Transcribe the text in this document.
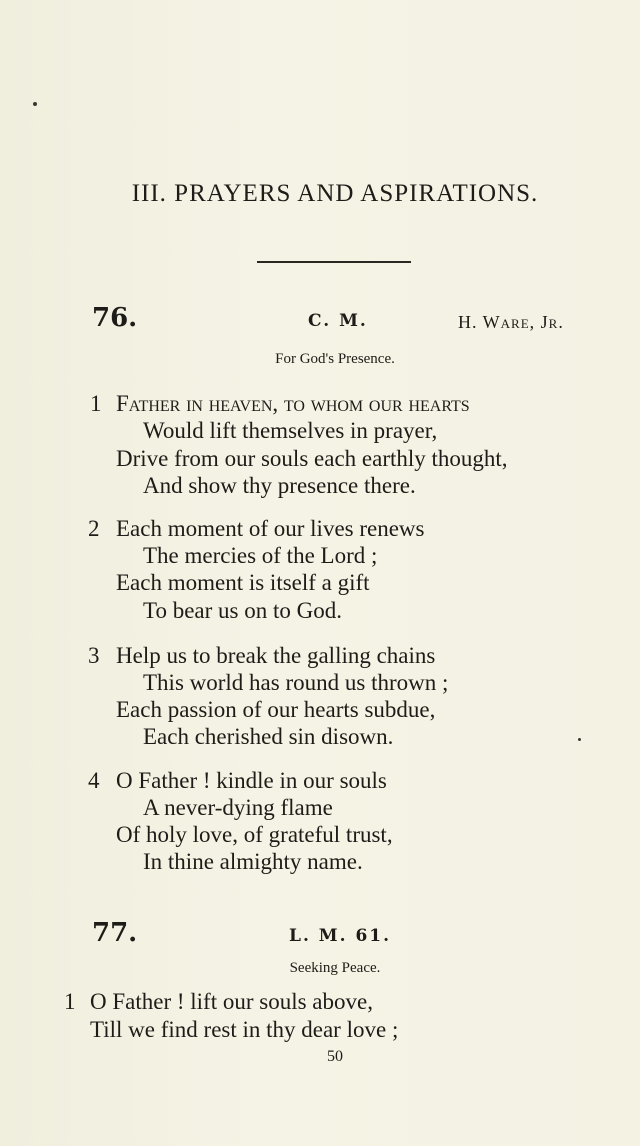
III. PRAYERS AND ASPIRATIONS.
76.	C. M.	H. Ware, Jr.
For God's Presence.
1 Father in heaven, to whom our hearts
Would lift themselves in prayer,
Drive from our souls each earthly thought,
And show thy presence there.
2 Each moment of our lives renews
The mercies of the Lord ;
Each moment is itself a gift
To bear us on to God.
3 Help us to break the galling chains
This world has round us thrown ;
Each passion of our hearts subdue,
Each cherished sin disown.
4 O Father ! kindle in our souls
A never-dying flame
Of holy love, of grateful trust,
In thine almighty name.
77.	L. M. 61.
Seeking Peace.
1 O Father ! lift our souls above,
Till we find rest in thy dear love ;
50
